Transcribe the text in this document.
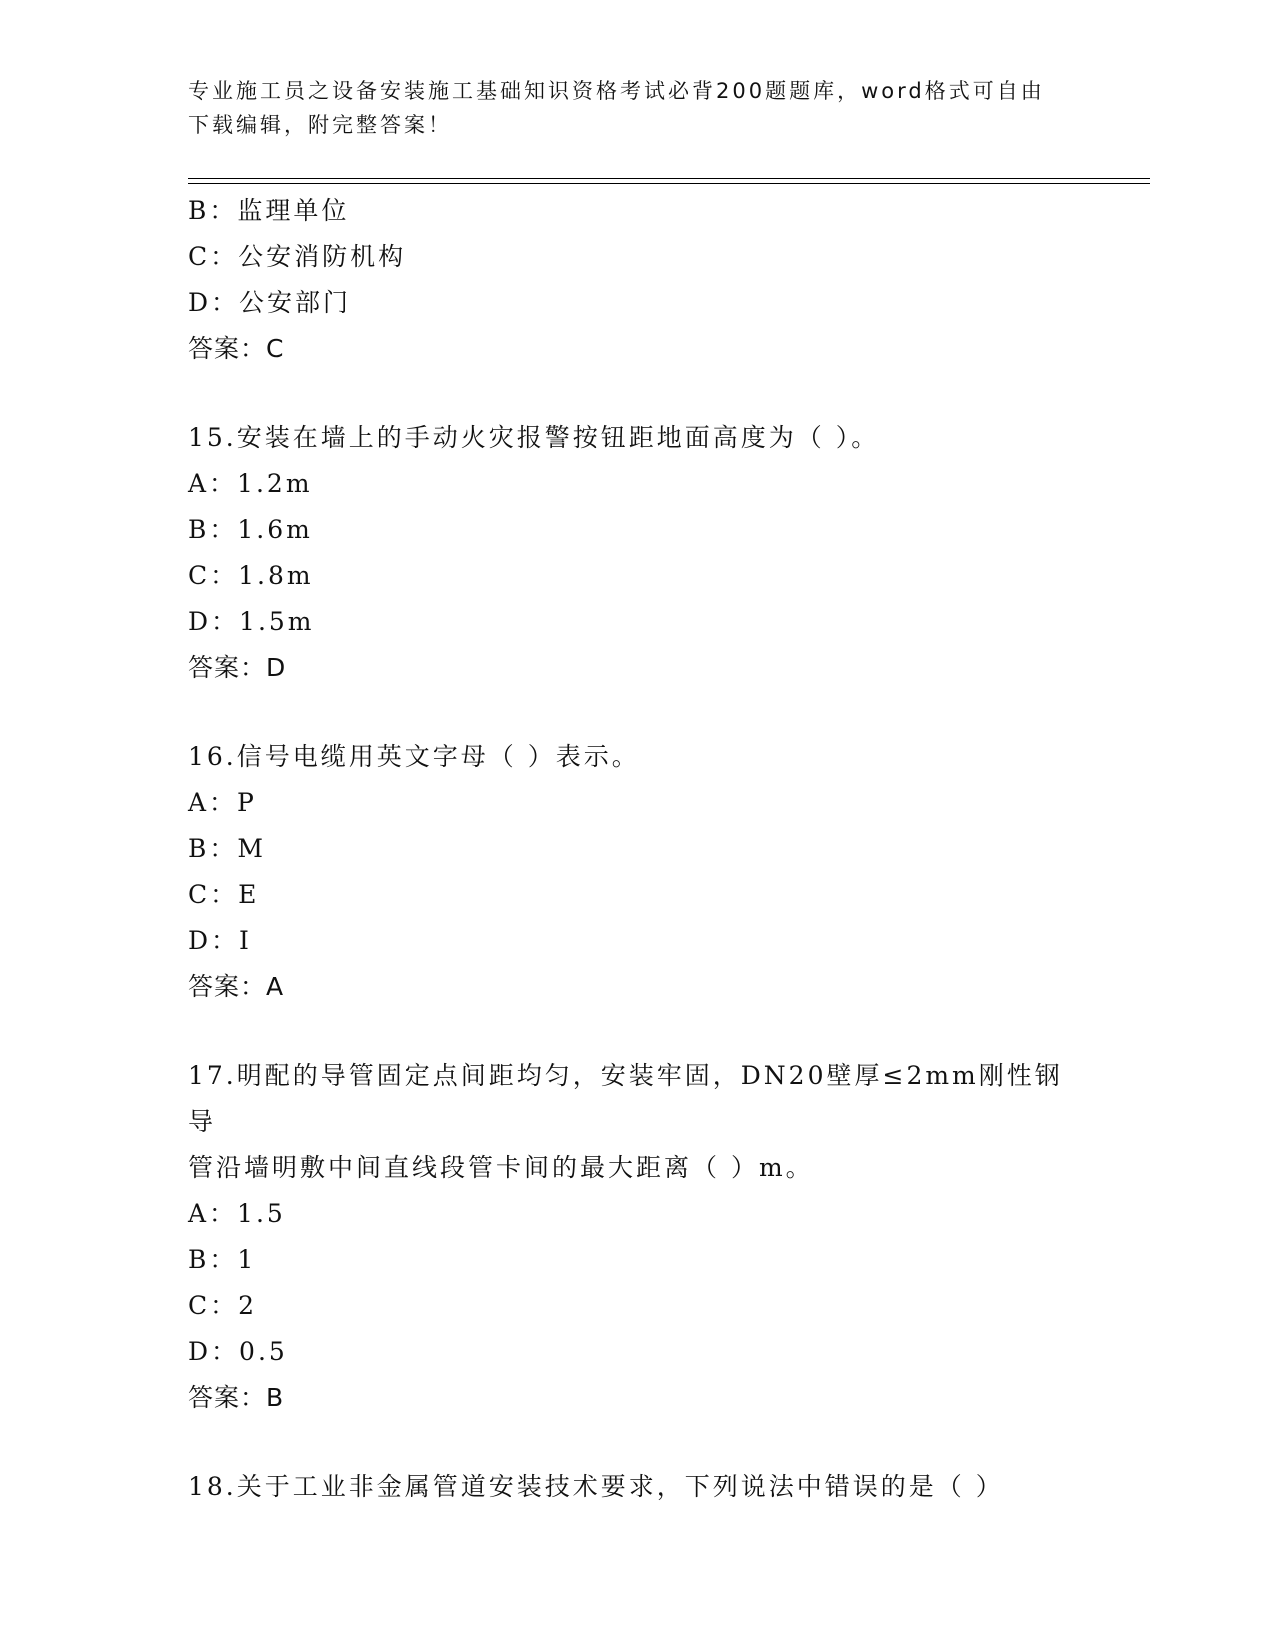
专业施工员之设备安装施工基础知识资格考试必背200题题库，word格式可自由
下载编辑，附完整答案！
B：监理单位
C：公安消防机构
D：公安部门
答案：C
15.安装在墙上的手动火灾报警按钮距地面高度为（ ）。
A：1.2m
B：1.6m
C：1.8m
D：1.5m
答案：D
16.信号电缆用英文字母（ ）表示。
A：P
B：M
C：E
D：I
答案：A
17.明配的导管固定点间距均匀，安装牢固，DN20壁厚≤2mm刚性钢导
管沿墙明敷中间直线段管卡间的最大距离（ ）m。
A：1.5
B：1
C：2
D：0.5
答案：B
18.关于工业非金属管道安装技术要求，下列说法中错误的是（ ）
